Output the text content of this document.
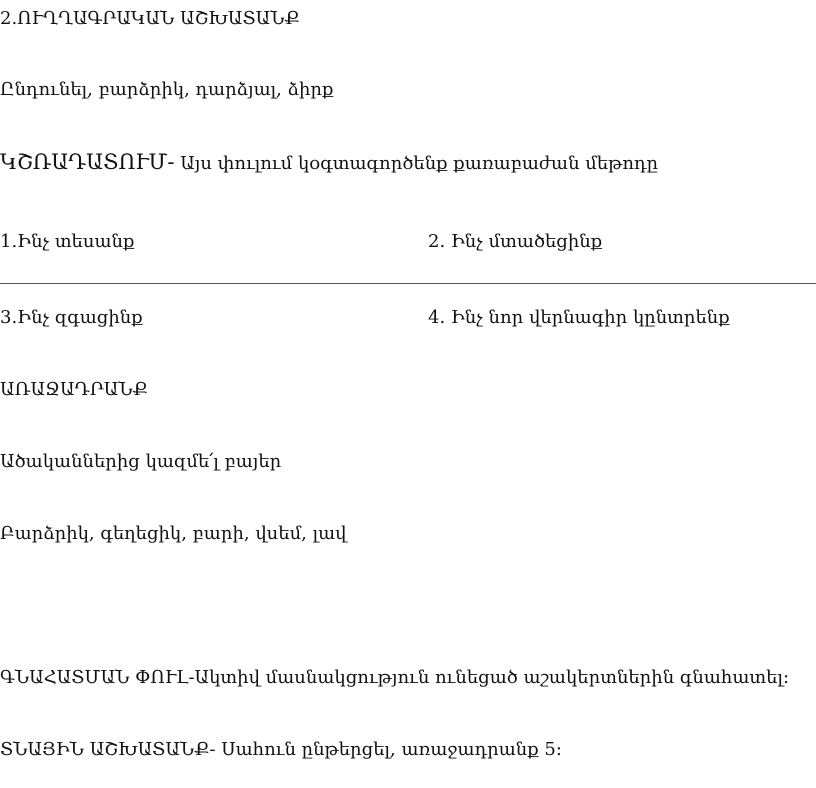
2.ՈՒՂՂԱԳՐԱԿԱՆ ԱՇԽԱՏԱՆՔ
Ընդունել, բարձրիկ, դարձյալ, ձիրք
ԿՇՌԱԴԱՏՈՒՄ- Այս փուլում կօգտագործենք քառաբաժան մեթոդը
1.Ինչ տեսանք	2. Ինչ մտածեցինք
3.Ինչ զգացինք	4. Ինչ նոր վերնագիր կընտրենք
ԱՌԱՋԱԴՐԱՆՔ
Ածականներից կազմե՛լ բայեր
Բարձրիկ, գեղեցիկ, բարի, վսեմ, լավ
ԳՆԱՀԱՏՄԱՆ ՓՈՒԼ-Ակտիվ մասնակցություն ունեցած աշակերտներին գնահատել:
ՏՆԱՅԻՆ ԱՇԽԱՏԱՆՔ- Սահուն ընթերցել, առաջադրանք 5:
